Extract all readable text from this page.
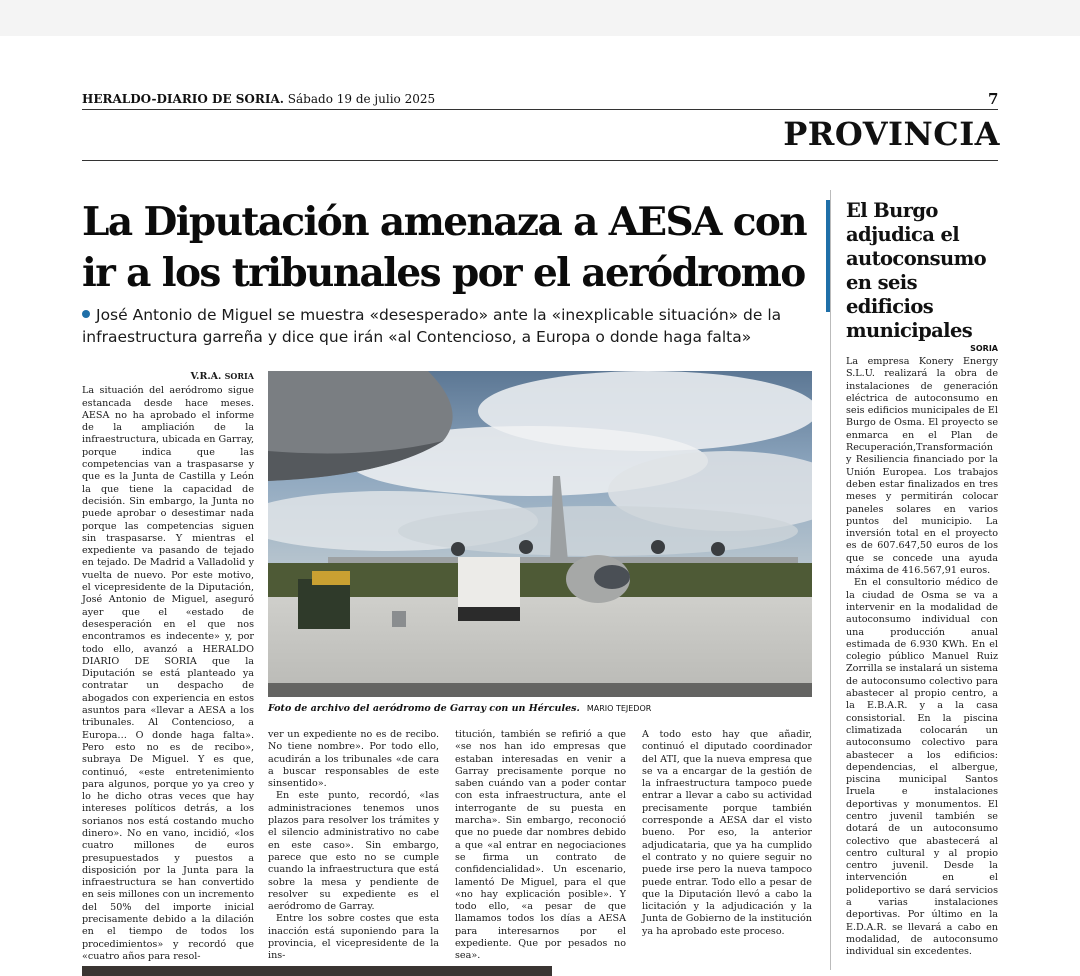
HERALDO-DIARIO DE SORIA. Sábado 19 de julio 2025	7
PROVINCIA
La Diputación amenaza a AESA con ir a los tribunales por el aeródromo

José Antonio de Miguel se muestra «desesperado» ante la «inexplicable situación» de la infraestructura garreña y dice que irán «al Contencioso, a Europa o donde haga falta»

V.R.A. SORIA

La situación del aeródromo sigue estancada desde hace meses. AESA no ha aprobado el informe de la ampliación de la infraestructura, ubicada en Garray, porque indica que las competencias van a traspasarse y que es la Junta de Castilla y León la que tiene la capacidad de decisión. Sin embargo, la Junta no puede aprobar o desestimar nada porque las competencias siguen sin traspasarse. Y mientras el expediente va pasando de tejado en tejado. De Madrid a Valladolid y vuelta de nuevo. Por este motivo, el vicepresidente de la Diputación, José Antonio de Miguel, aseguró ayer que el «estado de desesperación en el que nos encontramos es indecente» y, por todo ello, avanzó a HERALDO DIARIO DE SORIA que la Diputación se está planteado ya contratar un despacho de abogados con experiencia en estos asuntos para «llevar a AESA a los tribunales. Al Contencioso, a Europa… O donde haga falta». Pero esto no es de recibo», subraya De Miguel. Y es que, continuó, «este entretenimiento para algunos, porque yo ya creo y lo he dicho otras veces que hay intereses políticos detrás, a los sorianos nos está costando mucho dinero». No en vano, incidió, «los cuatro millones de euros presupuestados y puestos a disposición por la Junta para la infraestructura se han convertido en seis millones con un incremento del 50% del importe inicial precisamente debido a la dilación en el tiempo de todos los procedimientos» y recordó que «cuatro años para resol-

Foto de archivo del aeródromo de Garray con un Hércules. MARIO TEJEDOR

ver un expediente no es de recibo. No tiene nombre». Por todo ello, acudirán a los tribunales «de cara a buscar responsables de este sinsentido».

En este punto, recordó, «las administraciones tenemos unos plazos para resolver los trámites y el silencio administrativo no cabe en este caso». Sin embargo, parece que esto no se cumple cuando la infraestructura que está sobre la mesa y pendiente de resolver su expediente es el aeródromo de Garray.

Entre los sobre costes que esta inacción está suponiendo para la provincia, el vicepresidente de la ins-

titución, también se refirió a que «se nos han ido empresas que estaban interesadas en venir a Garray precisamente porque no saben cuándo van a poder contar con esta infraestructura, ante el interrogante de su puesta en marcha». Sin embargo, reconoció que no puede dar nombres debido a que «al entrar en negociaciones se firma un contrato de confidencialidad». Un escenario, lamentó De Miguel, para el que «no hay explicación posible». Y todo ello, «a pesar de que llamamos todos los días a AESA para interesarnos por el expediente. Que por pesados no sea».

A todo esto hay que añadir, continuó el diputado coordinador del ATI, que la nueva empresa que se va a encargar de la gestión de la infraestructura tampoco puede entrar a llevar a cabo su actividad precisamente porque también corresponde a AESA dar el visto bueno. Por eso, la anterior adjudicataria, que ya ha cumplido el contrato y no quiere seguir no puede irse pero la nueva tampoco puede entrar. Todo ello a pesar de que la Diputación llevó a cabo la licitación y la adjudicación y la Junta de Gobierno de la institución ya ha aprobado este proceso.

El Burgo adjudica el autoconsumo en seis edificios municipales
SORIA

La empresa Konery Energy S.L.U. realizará la obra de instalaciones de generación eléctrica de autoconsumo en seis edificios municipales de El Burgo de Osma. El proyecto se enmarca en el Plan de Recuperación,Transformación y Resiliencia financiado por la Unión Europea. Los trabajos deben estar finalizados en tres meses y permitirán colocar paneles solares en varios puntos del municipio. La inversión total en el proyecto es de 607.647,50 euros de los que se concede una ayuda máxima de 416.567,91 euros.

En el consultorio médico de la ciudad de Osma se va a intervenir en la modalidad de autoconsumo individual con una producción anual estimada de 6.930 KWh. En el colegio público Manuel Ruiz Zorrilla se instalará un sistema de autoconsumo colectivo para abastecer al propio centro, a la E.B.A.R. y a la casa consistorial. En la piscina climatizada colocarán un autoconsumo colectivo para abastecer a los edificios: dependencias, el albergue, piscina municipal Santos Iruela e instalaciones deportivas y monumentos. El centro juvenil también se dotará de un autoconsumo colectivo que abastecerá al centro cultural y al propio centro juvenil. Desde la intervención en el polideportivo se dará servicios a varias instalaciones deportivas. Por último en la E.D.A.R. se llevará a cabo en modalidad, de autoconsumo individual sin excedentes.
